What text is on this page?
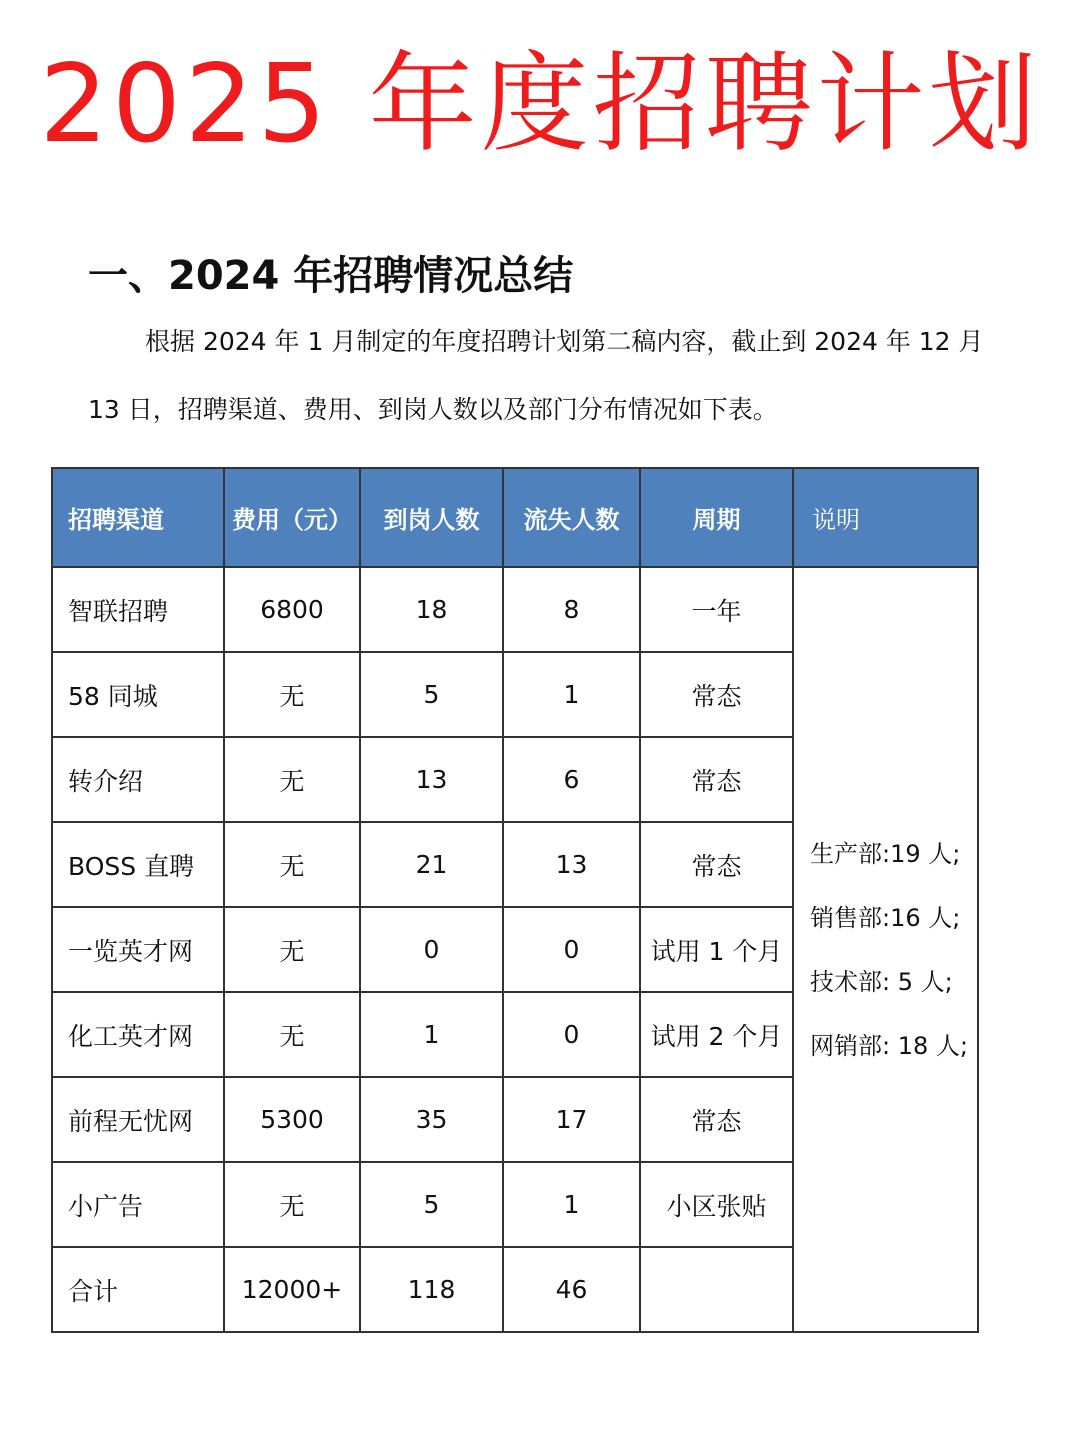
2025 年度招聘计划
一、2024 年招聘情况总结

根据 2024 年 1 月制定的年度招聘计划第二稿内容，截止到 2024 年 12 月

13 日，招聘渠道、费用、到岗人数以及部门分布情况如下表。

招聘渠道	费用（元）	到岗人数	流失人数	周期	说明
智联招聘	6800	18	8	一年	生产部:19 人;
销售部:16 人;
技术部: 5 人;
网销部: 18 人;

58 同城	无	5	1	常态	
转介绍	无	13	6	常态	
BOSS 直聘	无	21	13	常态	
一览英才网	无	0	0	试用 1 个月	
化工英才网	无	1	0	试用 2 个月	
前程无忧网	5300	35	17	常态	
小广告	无	5	1	小区张贴	
合计	12000+	118	46		
